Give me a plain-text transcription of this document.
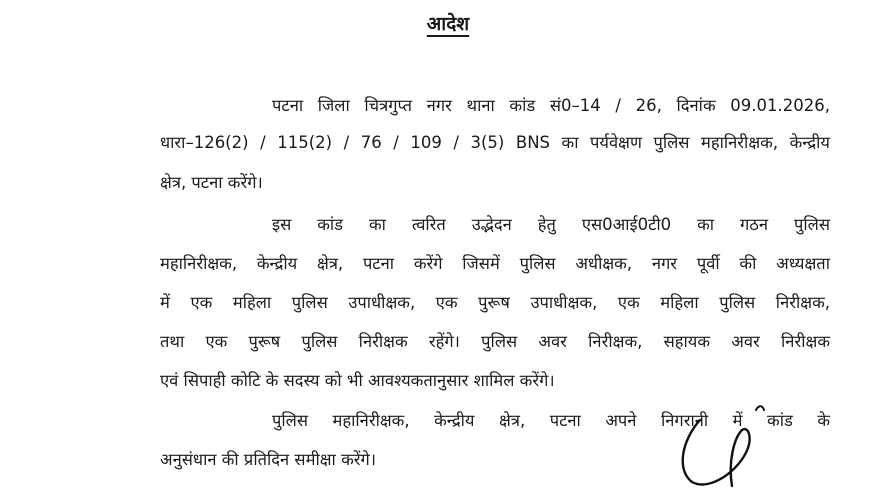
आदेश
पटना जिला चित्रगुप्त नगर थाना कांड सं0–14 / 26, दिनांक 09.01.2026,
धारा–126(2) / 115(2) / 76 / 109 / 3(5) BNS का पर्यवेक्षण पुलिस महानिरीक्षक, केन्द्रीय
क्षेत्र, पटना करेंगे।
इस कांड का त्वरित उद्भेदन हेतु एस0आई0टी0 का गठन पुलिस
महानिरीक्षक, केन्द्रीय क्षेत्र, पटना करेंगे जिसमें पुलिस अधीक्षक, नगर पूर्वी की अध्यक्षता
में एक महिला पुलिस उपाधीक्षक, एक पुरूष उपाधीक्षक, एक महिला पुलिस निरीक्षक,
तथा एक पुरूष पुलिस निरीक्षक रहेंगे। पुलिस अवर निरीक्षक, सहायक अवर निरीक्षक
एवं सिपाही कोटि के सदस्य को भी आवश्यकतानुसार शामिल करेंगे।
पुलिस महानिरीक्षक, केन्द्रीय क्षेत्र, पटना अपने निगरानी में कांड के
अनुसंधान की प्रतिदिन समीक्षा करेंगे।
